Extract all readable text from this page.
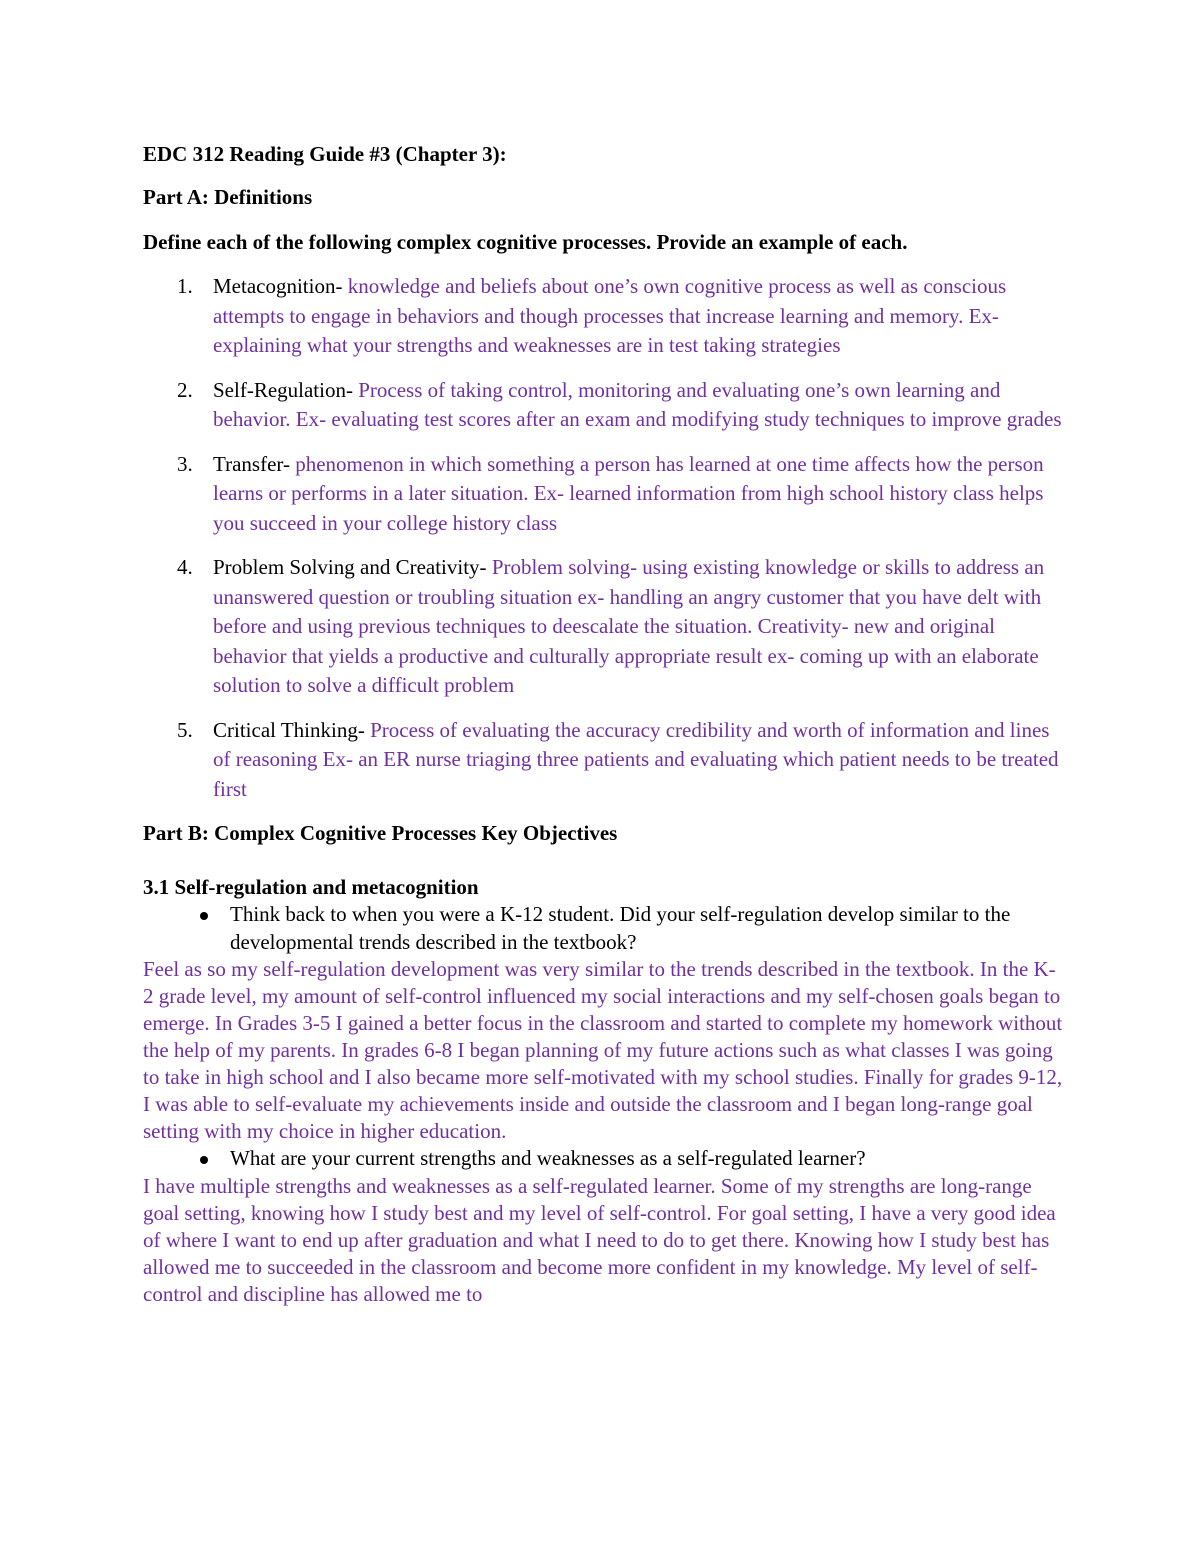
EDC 312 Reading Guide #3 (Chapter 3):
Part A: Definitions
Define each of the following complex cognitive processes. Provide an example of each.
1. Metacognition- knowledge and beliefs about one’s own cognitive process as well as conscious attempts to engage in behaviors and though processes that increase learning and memory. Ex- explaining what your strengths and weaknesses are in test taking strategies
2. Self-Regulation- Process of taking control, monitoring and evaluating one’s own learning and behavior. Ex- evaluating test scores after an exam and modifying study techniques to improve grades
3. Transfer- phenomenon in which something a person has learned at one time affects how the person learns or performs in a later situation. Ex- learned information from high school history class helps you succeed in your college history class
4. Problem Solving and Creativity- Problem solving- using existing knowledge or skills to address an unanswered question or troubling situation ex- handling an angry customer that you have delt with before and using previous techniques to deescalate the situation. Creativity- new and original behavior that yields a productive and culturally appropriate result ex- coming up with an elaborate solution to solve a difficult problem
5. Critical Thinking- Process of evaluating the accuracy credibility and worth of information and lines of reasoning Ex- an ER nurse triaging three patients and evaluating which patient needs to be treated first
Part B: Complex Cognitive Processes Key Objectives
3.1 Self-regulation and metacognition
Think back to when you were a K-12 student. Did your self-regulation develop similar to the developmental trends described in the textbook?

Feel as so my self-regulation development was very similar to the trends described in the textbook. In the K-2 grade level, my amount of self-control influenced my social interactions and my self-chosen goals began to emerge. In Grades 3-5 I gained a better focus in the classroom and started to complete my homework without the help of my parents. In grades 6-8 I began planning of my future actions such as what classes I was going to take in high school and I also became more self-motivated with my school studies. Finally for grades 9-12, I was able to self-evaluate my achievements inside and outside the classroom and I began long-range goal setting with my choice in higher education.

What are your current strengths and weaknesses as a self-regulated learner?

I have multiple strengths and weaknesses as a self-regulated learner. Some of my strengths are long-range goal setting, knowing how I study best and my level of self-control. For goal setting, I have a very good idea of where I want to end up after graduation and what I need to do to get there. Knowing how I study best has allowed me to succeeded in the classroom and become more confident in my knowledge. My level of self-control and discipline has allowed me to
